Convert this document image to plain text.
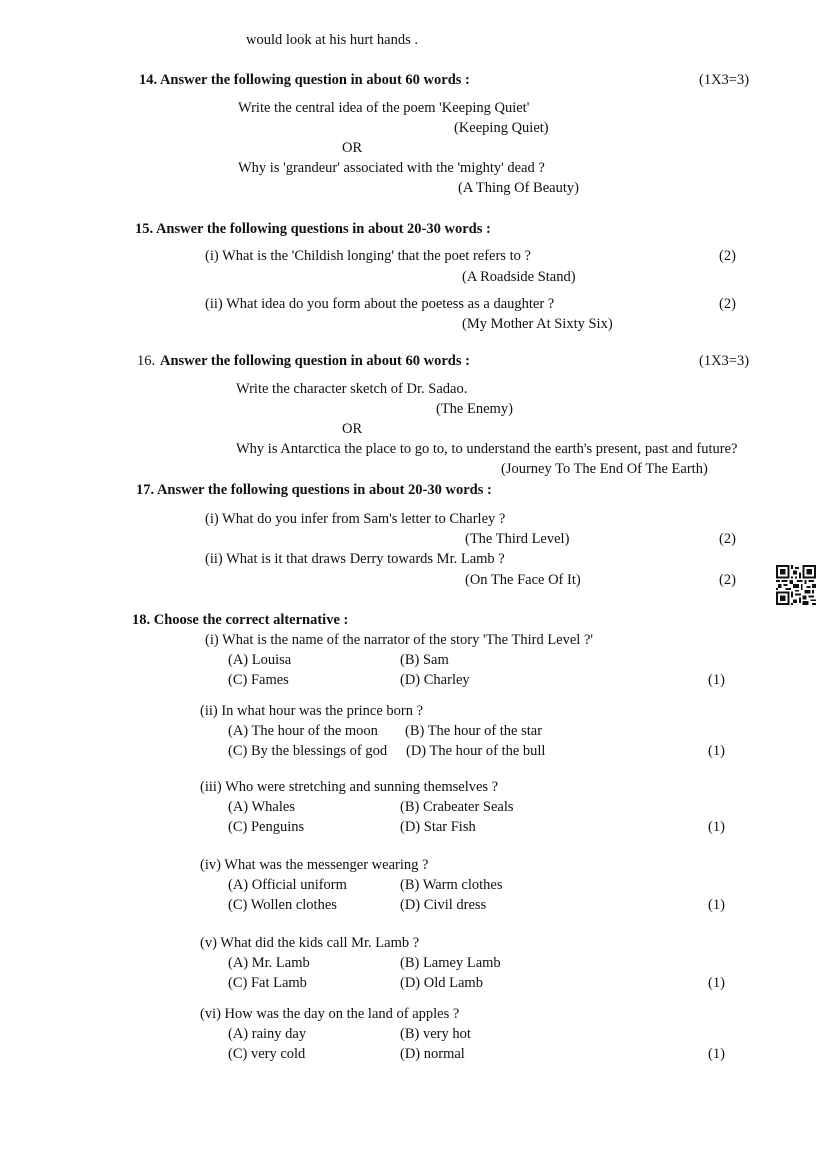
would look at his hurt hands .
14. Answer the following question in about 60 words :	(1X3=3)
Write the central idea of the poem 'Keeping Quiet'
(Keeping Quiet)
OR
Why is 'grandeur' associated with the 'mighty' dead ?
(A Thing Of Beauty)
15. Answer the following questions in about 20-30 words :
(i) What is the 'Childish longing' that the poet refers to ?	(2)
(A Roadside Stand)
(ii) What idea do you form about the poetess as a daughter ?	(2)
(My Mother At Sixty Six)
16. Answer the following question in about 60 words :	(1X3=3)
Write the character sketch of Dr. Sadao.
(The Enemy)
OR
Why is Antarctica the place to go to, to understand the earth's present, past and future?
(Journey To The End Of The Earth)
17. Answer the following questions in about 20-30 words :
(i) What do you infer from Sam's letter to Charley ?
(The Third Level)	(2)
(ii) What is it that draws Derry towards Mr. Lamb ?
(On The Face Of It)	(2)
18. Choose the correct alternative :
(i) What is the name of the narrator of the story 'The Third Level ?'
(A) Louisa	(B) Sam
(C) Fames	(D) Charley	(1)
(ii) In what hour was the prince born ?
(A) The hour of the moon (B) The hour of the star
(C) By the blessings of god (D) The hour of the bull	(1)
(iii) Who were stretching and sunning themselves ?
(A) Whales	(B) Crabeater Seals
(C) Penguins	(D) Star Fish	(1)
(iv) What was the messenger wearing ?
(A) Official uniform	(B) Warm clothes
(C) Wollen clothes	(D) Civil dress	(1)
(v) What did the kids call Mr. Lamb ?
(A) Mr. Lamb	(B) Lamey Lamb
(C) Fat Lamb	(D) Old Lamb	(1)
(vi) How was the day on the land of apples ?
(A) rainy day	(B) very hot
(C) very cold	(D) normal	(1)
